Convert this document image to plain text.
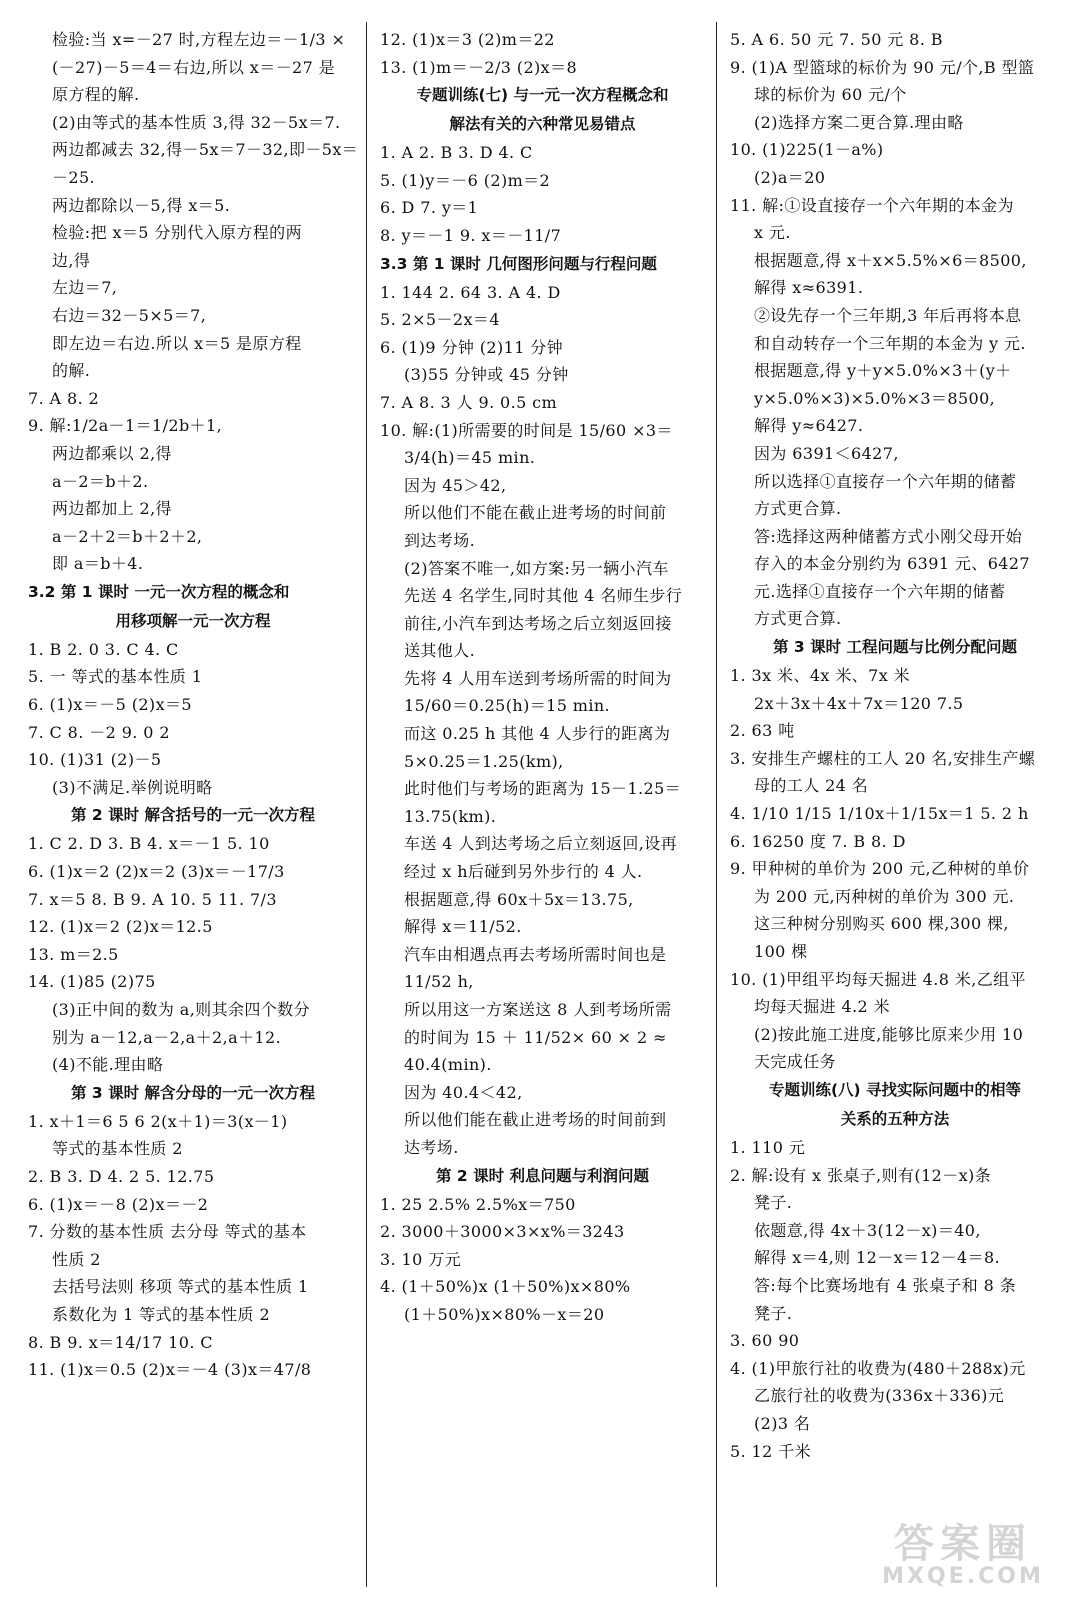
检验:当 x=－27 时,方程左边＝－1/3 ×
(－27)－5＝4＝右边,所以 x＝－27 是
原方程的解.
(2)由等式的基本性质 3,得 32－5x＝7.
两边都减去 32,得－5x＝7－32,即－5x＝
－25.
两边都除以－5,得 x＝5.
检验:把 x＝5 分别代入原方程的两
边,得
左边＝7,
右边＝32－5×5＝7,
即左边＝右边.所以 x＝5 是原方程
的解.
7. A 8. 2
9. 解:1/2a－1＝1/2b＋1,
两边都乘以 2,得
a－2＝b＋2.
两边都加上 2,得
a－2＋2＝b＋2＋2,
即 a＝b＋4.
3.2 第 1 课时 一元一次方程的概念和
用移项解一元一次方程
1. B 2. 0 3. C 4. C
5. 一 等式的基本性质 1
6. (1)x＝－5 (2)x＝5
7. C 8. －2 9. 0 2
10. (1)31 (2)－5
(3)不满足.举例说明略
第 2 课时 解含括号的一元一次方程
1. C 2. D 3. B 4. x＝－1 5. 10
6. (1)x＝2 (2)x＝2 (3)x＝－17/3
7. x＝5 8. B 9. A 10. 5 11. 7/3
12. (1)x＝2 (2)x＝12.5
13. m＝2.5
14. (1)85 (2)75
(3)正中间的数为 a,则其余四个数分
别为 a－12,a－2,a＋2,a＋12.
(4)不能.理由略
第 3 课时 解含分母的一元一次方程
1. x＋1＝6 5 6 2(x＋1)＝3(x－1)
等式的基本性质 2
2. B 3. D 4. 2 5. 12.75
6. (1)x＝－8 (2)x＝－2
7. 分数的基本性质 去分母 等式的基本
性质 2
去括号法则 移项 等式的基本性质 1
系数化为 1 等式的基本性质 2
8. B 9. x＝14/17 10. C
11. (1)x＝0.5 (2)x＝－4 (3)x＝47/8
12. (1)x＝3 (2)m＝22
13. (1)m＝－2/3 (2)x＝8
专题训练(七) 与一元一次方程概念和
解法有关的六种常见易错点
1. A 2. B 3. D 4. C
5. (1)y＝－6 (2)m＝2
6. D 7. y＝1
8. y＝－1 9. x＝－11/7
3.3 第 1 课时 几何图形问题与行程问题
1. 144 2. 64 3. A 4. D
5. 2×5－2x＝4
6. (1)9 分钟 (2)11 分钟
(3)55 分钟或 45 分钟
7. A 8. 3 人 9. 0.5 cm
10. 解:(1)所需要的时间是 15/60 ×3＝
3/4(h)＝45 min.
因为 45＞42,
所以他们不能在截止进考场的时间前
到达考场.
(2)答案不唯一,如方案:另一辆小汽车
先送 4 名学生,同时其他 4 名师生步行
前往,小汽车到达考场之后立刻返回接
送其他人.
先将 4 人用车送到考场所需的时间为
15/60＝0.25(h)＝15 min.
而这 0.25 h 其他 4 人步行的距离为
5×0.25＝1.25(km),
此时他们与考场的距离为 15－1.25＝
13.75(km).
车送 4 人到达考场之后立刻返回,设再
经过 x h后碰到另外步行的 4 人.
根据题意,得 60x＋5x＝13.75,
解得 x＝11/52.
汽车由相遇点再去考场所需时间也是
11/52 h,
所以用这一方案送这 8 人到考场所需
的时间为 15 ＋ 11/52× 60 × 2 ≈
40.4(min).
因为 40.4＜42,
所以他们能在截止进考场的时间前到
达考场.
第 2 课时 利息问题与利润问题
1. 25 2.5% 2.5%x＝750
2. 3000＋3000×3×x%＝3243
3. 10 万元
4. (1＋50%)x (1＋50%)x×80%
(1＋50%)x×80%－x＝20
5. A 6. 50 元 7. 50 元 8. B
9. (1)A 型篮球的标价为 90 元/个,B 型篮
球的标价为 60 元/个
(2)选择方案二更合算.理由略
10. (1)225(1－a%)
(2)a＝20
11. 解:①设直接存一个六年期的本金为
x 元.
根据题意,得 x＋x×5.5%×6＝8500,
解得 x≈6391.
②设先存一个三年期,3 年后再将本息
和自动转存一个三年期的本金为 y 元.
根据题意,得 y＋y×5.0%×3＋(y＋
y×5.0%×3)×5.0%×3＝8500,
解得 y≈6427.
因为 6391＜6427,
所以选择①直接存一个六年期的储蓄
方式更合算.
答:选择这两种储蓄方式小刚父母开始
存入的本金分别约为 6391 元、6427
元.选择①直接存一个六年期的储蓄
方式更合算.
第 3 课时 工程问题与比例分配问题
1. 3x 米、4x 米、7x 米
2x＋3x＋4x＋7x＝120 7.5
2. 63 吨
3. 安排生产螺柱的工人 20 名,安排生产螺
母的工人 24 名
4. 1/10 1/15 1/10x＋1/15x＝1 5. 2 h
6. 16250 度 7. B 8. D
9. 甲种树的单价为 200 元,乙种树的单价
为 200 元,丙种树的单价为 300 元.
这三种树分别购买 600 棵,300 棵,
100 棵
10. (1)甲组平均每天掘进 4.8 米,乙组平
均每天掘进 4.2 米
(2)按此施工进度,能够比原来少用 10
天完成任务
专题训练(八) 寻找实际问题中的相等
关系的五种方法
1. 110 元
2. 解:设有 x 张桌子,则有(12－x)条
凳子.
依题意,得 4x＋3(12－x)＝40,
解得 x＝4,则 12－x＝12－4＝8.
答:每个比赛场地有 4 张桌子和 8 条
凳子.
3. 60 90
4. (1)甲旅行社的收费为(480＋288x)元
乙旅行社的收费为(336x＋336)元
(2)3 名
5. 12 千米
答案圈
MXQE.COM
